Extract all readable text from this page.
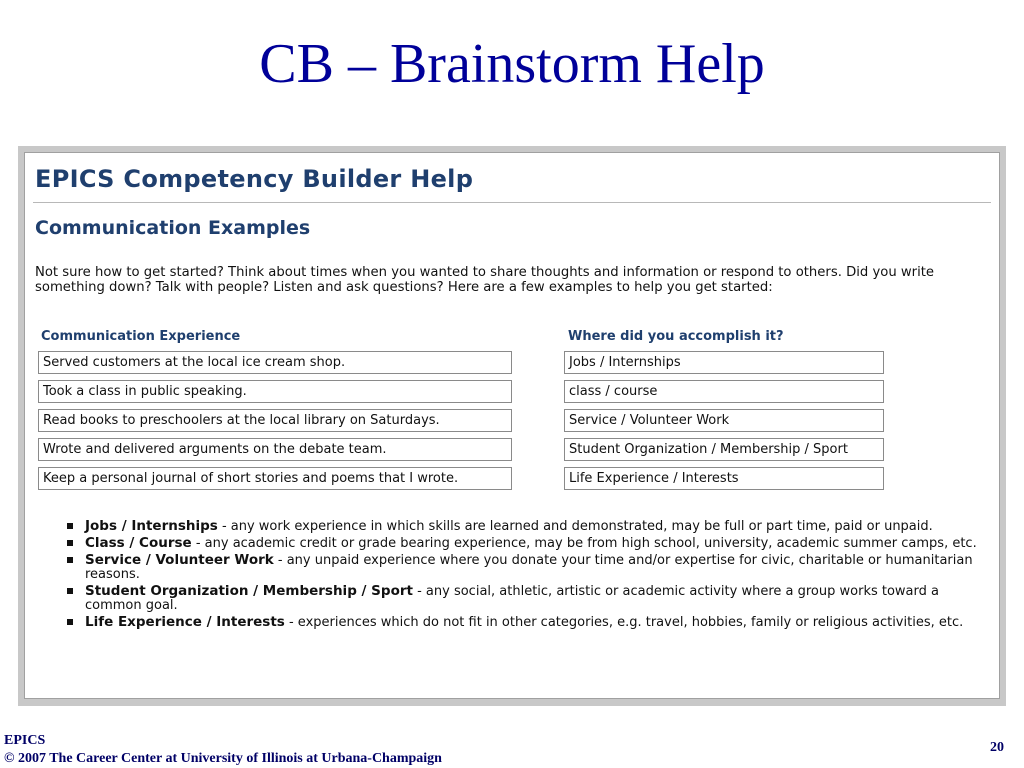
CB – Brainstorm Help
EPICS Competency Builder Help
Communication Examples
Not sure how to get started? Think about times when you wanted to share thoughts and information or respond to others. Did you write something down? Talk with people? Listen and ask questions? Here are a few examples to help you get started:
Communication Experience	Where did you accomplish it?
Served customers at the local ice cream shop.	Jobs / Internships
Took a class in public speaking.	class / course
Read books to preschoolers at the local library on Saturdays.	Service / Volunteer Work
Wrote and delivered arguments on the debate team.	Student Organization / Membership / Sport
Keep a personal journal of short stories and poems that I wrote.	Life Experience / Interests
Jobs / Internships - any work experience in which skills are learned and demonstrated, may be full or part time, paid or unpaid.
Class / Course - any academic credit or grade bearing experience, may be from high school, university, academic summer camps, etc.
Service / Volunteer Work - any unpaid experience where you donate your time and/or expertise for civic, charitable or humanitarian reasons.
Student Organization / Membership / Sport - any social, athletic, artistic or academic activity where a group works toward a common goal.
Life Experience / Interests - experiences which do not fit in other categories, e.g. travel, hobbies, family or religious activities, etc.
EPICS
© 2007 The Career Center at University of Illinois at Urbana-Champaign
20
